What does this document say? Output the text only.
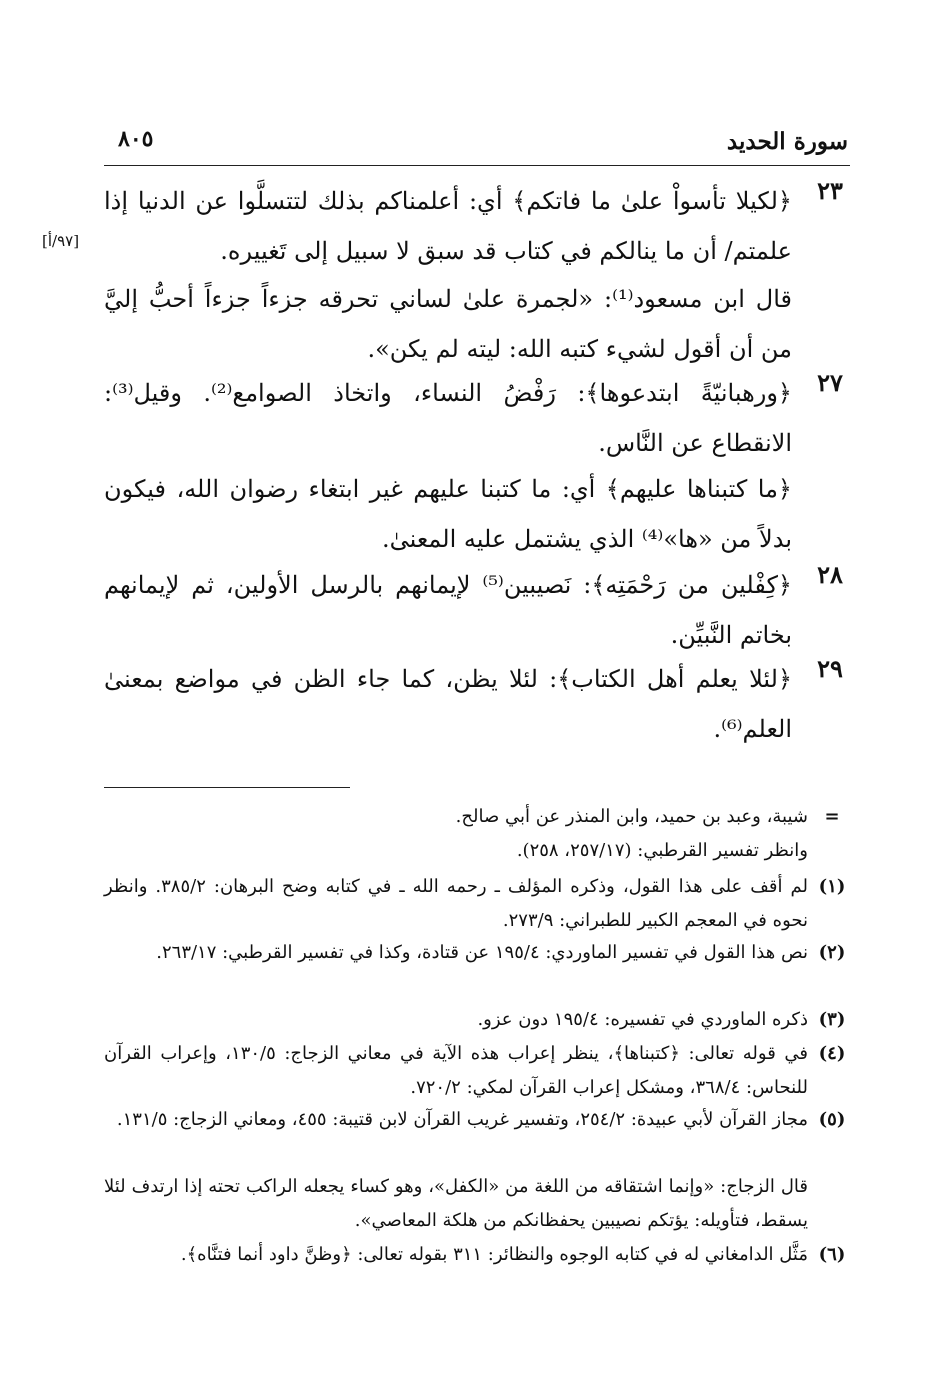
سورة الحديد
٨٠٥
[٩٧/أ]
٢٣
﴿لكيلا تأسواْ علىٰ ما فاتكم﴾ أي: أعلمناكم بذلك لتتسلَّوا عن الدنيا إذا علمتم/ أن ما ينالكم في كتاب قد سبق لا سبيل إلى تَغييره.
قال ابن مسعود⁽¹⁾: «لجمرة علىٰ لساني تحرقه جزءاً جزءاً أحبُّ إليَّ من أن أقول لشيء كتبه الله: ليته لم يكن».
٢٧
﴿ورهبانيّةً ابتدعوها﴾: رَفْضُ النساء، واتخاذ الصوامع⁽²⁾. وقيل⁽³⁾: الانقطاع عن النَّاس.
﴿ما كتبناها عليهم﴾ أي: ما كتبنا عليهم غير ابتغاء رضوان الله، فيكون بدلاً من «ها»⁽⁴⁾ الذي يشتمل عليه المعنىٰ.
٢٨
﴿كِفْلين من رَحْمَتِه﴾: نَصيبين⁽⁵⁾ لإيمانهم بالرسل الأولين، ثم لإيمانهم بخاتم النَّبيِّن.
٢٩
﴿لئلا يعلم أهل الكتاب﴾: لئلا يظن، كما جاء الظن في مواضع بمعنىٰ العلم⁽⁶⁾.
=
شيبة، وعبد بن حميد، وابن المنذر عن أبي صالح.
وانظر تفسير القرطبي: (٢٥٧/١٧، ٢٥٨).
(١)
لم أقف على هذا القول، وذكره المؤلف ـ رحمه الله ـ في كتابه وضح البرهان: ٣٨٥/٢. وانظر نحوه في المعجم الكبير للطبراني: ٢٧٣/٩.
(٢)
نص هذا القول في تفسير الماوردي: ١٩٥/٤ عن قتادة، وكذا في تفسير القرطبي: ٢٦٣/١٧.
(٣)
ذكره الماوردي في تفسيره: ١٩٥/٤ دون عزو.
(٤)
في قوله تعالى: ﴿كتبناها﴾، ينظر إعراب هذه الآية في معاني الزجاج: ١٣٠/٥، وإعراب القرآن للنحاس: ٣٦٨/٤، ومشكل إعراب القرآن لمكي: ٧٢٠/٢.
(٥)
مجاز القرآن لأبي عبيدة: ٢٥٤/٢، وتفسير غريب القرآن لابن قتيبة: ٤٥٥، ومعاني الزجاج: ١٣١/٥.
قال الزجاج: «وإنما اشتقاقه من اللغة من «الكفل»، وهو كساء يجعله الراكب تحته إذا ارتدف لئلا يسقط، فتأويله: يؤتكم نصيبين يحفظانكم من هلكة المعاصي».
(٦)
مَثَّل الدامغاني له في كتابه الوجوه والنظائر: ٣١١ بقوله تعالى: ﴿وظنَّ داود أنما فتنَّاه﴾.
